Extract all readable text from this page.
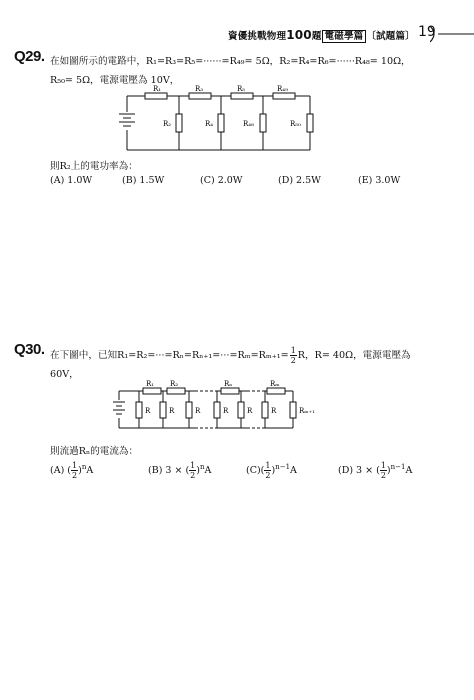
資優挑戰物理100題 電磁學篇 〔試題篇〕 19
Q29. 在如圖所示的電路中，R₁=R₃=R₅=······=R₄₉= 5Ω，R₂=R₄=R₆=······R₄₈= 10Ω，
R₅₀= 5Ω，電源電壓為 10V，
R₁	R₃	R₅	R₄₉
R₂	R₄	R₄₈	R₅₀
則R₂上的電功率為：
(A) 1.0W	(B) 1.5W	(C) 2.0W	(D) 2.5W	(E) 3.0W
Q30. 在下圖中，已知$R_1=R_2=\cdot\cdot\cdot=R_n=R_{n+1}=\cdot\cdot\cdot=R_m=R_{m+1}= \frac{1}{2}$ R，R= 40Ω，電源電壓為
60V，
R₁ R₂	Rₙ	Rₘ
R	R	R	R	R	R	Rₘ₊₁
則流過Rₙ的電流為：
(A) ( $\frac{1}{2} )^nA$	(B) 3 × ( $\frac{1}{2} )^nA$	$(C)( \frac{1}{2} )^{n-1}A$	(D) 3 × ( $\frac{1}{2} )^{n-1}A$
